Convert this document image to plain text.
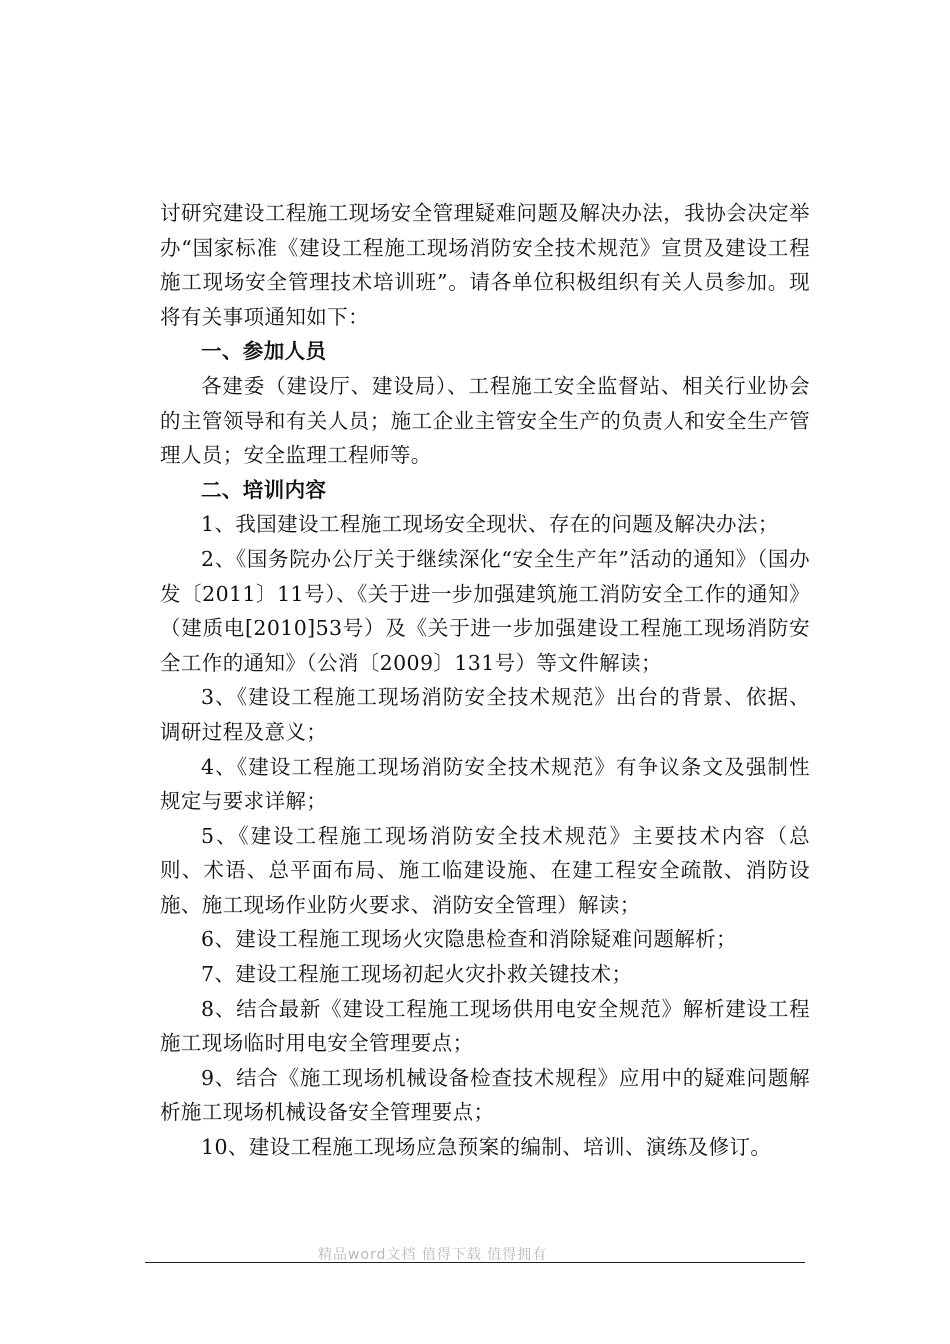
讨研究建设工程施工现场安全管理疑难问题及解决办法，我协会决定举办“国家标准《建设工程施工现场消防安全技术规范》宣贯及建设工程施工现场安全管理技术培训班”。请各单位积极组织有关人员参加。现将有关事项通知如下：

一、参加人员

各建委（建设厅、建设局）、工程施工安全监督站、相关行业协会的主管领导和有关人员；施工企业主管安全生产的负责人和安全生产管理人员；安全监理工程师等。

二、培训内容

1、我国建设工程施工现场安全现状、存在的问题及解决办法；

2、《国务院办公厅关于继续深化“安全生产年”活动的通知》（国办发〔2011〕11号）、《关于进一步加强建筑施工消防安全工作的通知》（建质电[2010]53号）及《关于进一步加强建设工程施工现场消防安全工作的通知》（公消〔2009〕131号）等文件解读；

3、《建设工程施工现场消防安全技术规范》出台的背景、依据、调研过程及意义；

4、《建设工程施工现场消防安全技术规范》有争议条文及强制性规定与要求详解；

5、《建设工程施工现场消防安全技术规范》主要技术内容（总则、术语、总平面布局、施工临建设施、在建工程安全疏散、消防设施、施工现场作业防火要求、消防安全管理）解读；

6、建设工程施工现场火灾隐患检查和消除疑难问题解析；

7、建设工程施工现场初起火灾扑救关键技术；

8、结合最新《建设工程施工现场供用电安全规范》解析建设工程施工现场临时用电安全管理要点；

9、结合《施工现场机械设备检查技术规程》应用中的疑难问题解析施工现场机械设备安全管理要点；

10、建设工程施工现场应急预案的编制、培训、演练及修订。

精品word文档 值得下载 值得拥有
